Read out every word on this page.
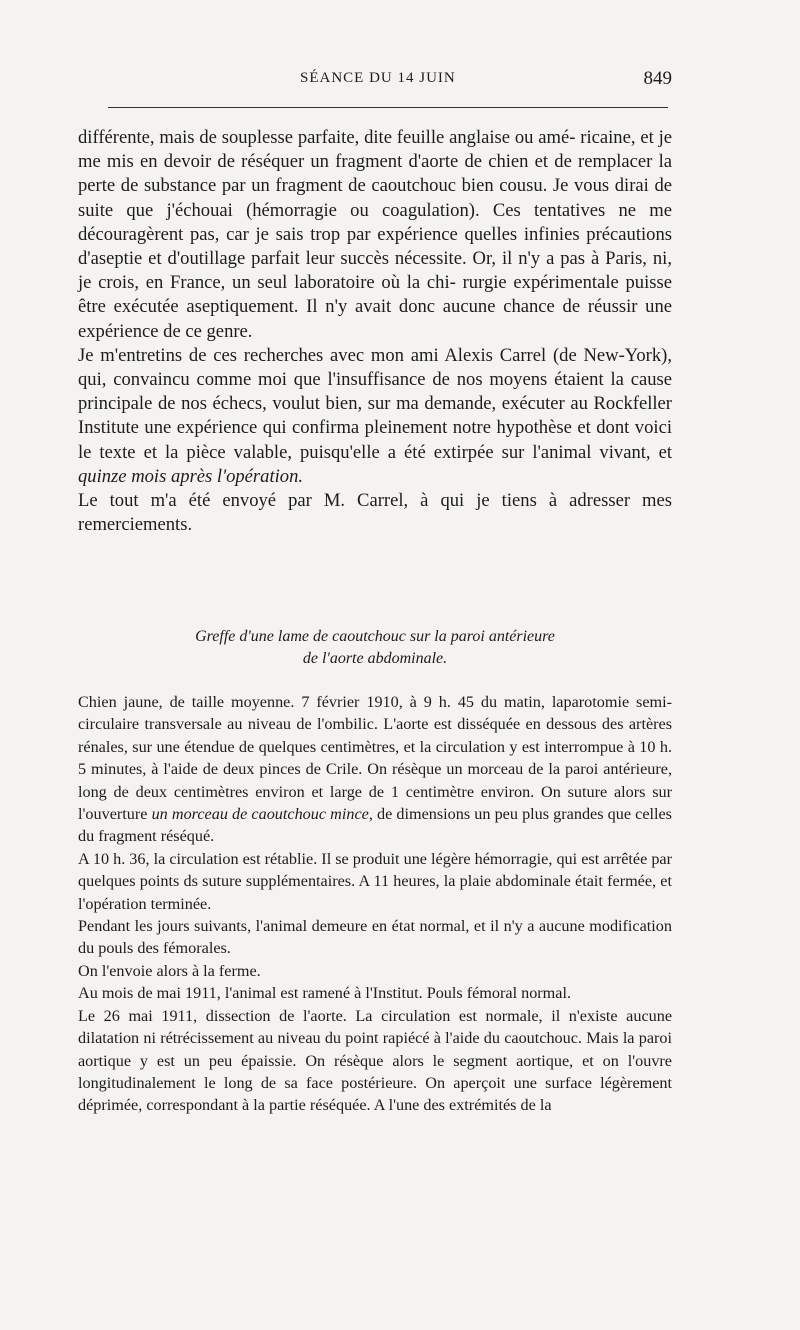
SÉANCE DU 14 JUIN	849

différente, mais de souplesse parfaite, dite feuille anglaise ou amé- ricaine, et je me mis en devoir de réséquer un fragment d'aorte de chien et de remplacer la perte de substance par un fragment de caoutchouc bien cousu. Je vous dirai de suite que j'échouai (hémorragie ou coagulation). Ces tentatives ne me découragèrent pas, car je sais trop par expérience quelles infinies précautions d'aseptie et d'outillage parfait leur succès nécessite. Or, il n'y a pas à Paris, ni, je crois, en France, un seul laboratoire où la chi- rurgie expérimentale puisse être exécutée aseptiquement. Il n'y avait donc aucune chance de réussir une expérience de ce genre.

Je m'entretins de ces recherches avec mon ami Alexis Carrel (de New-York), qui, convaincu comme moi que l'insuffisance de nos moyens étaient la cause principale de nos échecs, voulut bien, sur ma demande, exécuter au Rockfeller Institute une expérience qui confirma pleinement notre hypothèse et dont voici le texte et la pièce valable, puisqu'elle a été extirpée sur l'animal vivant, et quinze mois après l'opération.

Le tout m'a été envoyé par M. Carrel, à qui je tiens à adresser mes remerciements.

Greffe d'une lame de caoutchouc sur la paroi antérieure
de l'aorte abdominale.

Chien jaune, de taille moyenne. 7 février 1910, à 9 h. 45 du matin, laparotomie semi-circulaire transversale au niveau de l'ombilic. L'aorte est disséquée en dessous des artères rénales, sur une étendue de quelques centimètres, et la circulation y est interrompue à 10 h. 5 minutes, à l'aide de deux pinces de Crile. On résèque un morceau de la paroi antérieure, long de deux centimètres environ et large de 1 centimètre environ. On suture alors sur l'ouverture un morceau de caoutchouc mince, de dimensions un peu plus grandes que celles du fragment réséqué.

A 10 h. 36, la circulation est rétablie. Il se produit une légère hémorragie, qui est arrêtée par quelques points ds suture supplémentaires. A 11 heures, la plaie abdominale était fermée, et l'opération terminée.

Pendant les jours suivants, l'animal demeure en état normal, et il n'y a aucune modification du pouls des fémorales.

On l'envoie alors à la ferme.

Au mois de mai 1911, l'animal est ramené à l'Institut. Pouls fémoral normal.

Le 26 mai 1911, dissection de l'aorte. La circulation est normale, il n'existe aucune dilatation ni rétrécissement au niveau du point rapiécé à l'aide du caoutchouc. Mais la paroi aortique y est un peu épaissie. On résèque alors le segment aortique, et on l'ouvre longitudinalement le long de sa face postérieure. On aperçoit une surface légèrement déprimée, correspondant à la partie réséquée. A l'une des extrémités de la
